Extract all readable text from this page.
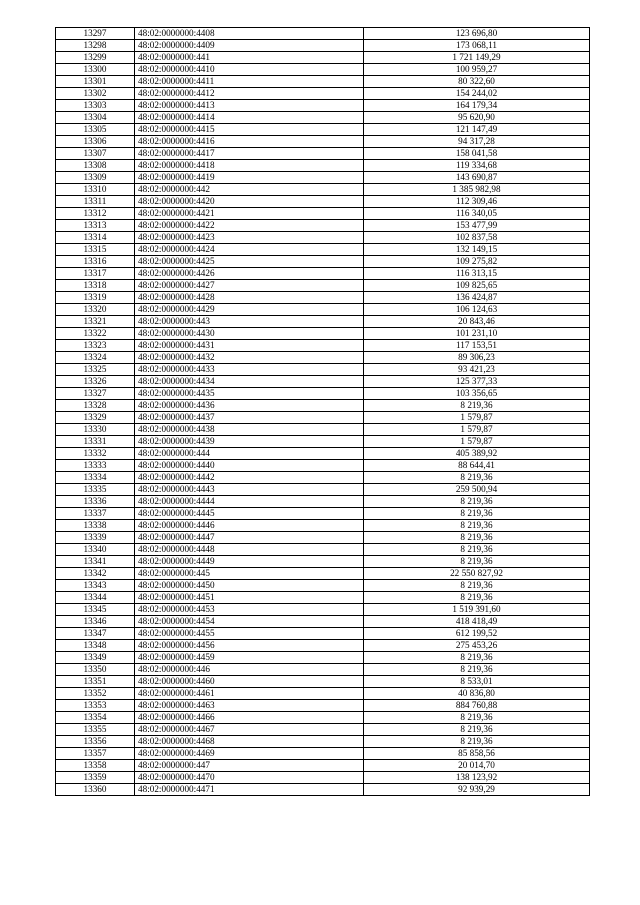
13297	48:02:0000000:4408	123 696,80
13298	48:02:0000000:4409	173 068,11
13299	48:02:0000000:441	1 721 149,29
13300	48:02:0000000:4410	100 959,27
13301	48:02:0000000:4411	80 322,60
13302	48:02:0000000:4412	154 244,02
13303	48:02:0000000:4413	164 179,34
13304	48:02:0000000:4414	95 620,90
13305	48:02:0000000:4415	121 147,49
13306	48:02:0000000:4416	94 317,28
13307	48:02:0000000:4417	158 041,58
13308	48:02:0000000:4418	119 334,68
13309	48:02:0000000:4419	143 690,87
13310	48:02:0000000:442	1 385 982,98
13311	48:02:0000000:4420	112 309,46
13312	48:02:0000000:4421	116 340,05
13313	48:02:0000000:4422	153 477,99
13314	48:02:0000000:4423	102 837,58
13315	48:02:0000000:4424	132 149,15
13316	48:02:0000000:4425	109 275,82
13317	48:02:0000000:4426	116 313,15
13318	48:02:0000000:4427	109 825,65
13319	48:02:0000000:4428	136 424,87
13320	48:02:0000000:4429	106 124,63
13321	48:02:0000000:443	20 843,46
13322	48:02:0000000:4430	101 231,10
13323	48:02:0000000:4431	117 153,51
13324	48:02:0000000:4432	89 306,23
13325	48:02:0000000:4433	93 421,23
13326	48:02:0000000:4434	125 377,33
13327	48:02:0000000:4435	103 356,65
13328	48:02:0000000:4436	8 219,36
13329	48:02:0000000:4437	1 579,87
13330	48:02:0000000:4438	1 579,87
13331	48:02:0000000:4439	1 579,87
13332	48:02:0000000:444	405 389,92
13333	48:02:0000000:4440	88 644,41
13334	48:02:0000000:4442	8 219,36
13335	48:02:0000000:4443	259 500,94
13336	48:02:0000000:4444	8 219,36
13337	48:02:0000000:4445	8 219,36
13338	48:02:0000000:4446	8 219,36
13339	48:02:0000000:4447	8 219,36
13340	48:02:0000000:4448	8 219,36
13341	48:02:0000000:4449	8 219,36
13342	48:02:0000000:445	22 550 827,92
13343	48:02:0000000:4450	8 219,36
13344	48:02:0000000:4451	8 219,36
13345	48:02:0000000:4453	1 519 391,60
13346	48:02:0000000:4454	418 418,49
13347	48:02:0000000:4455	612 199,52
13348	48:02:0000000:4456	275 453,26
13349	48:02:0000000:4459	8 219,36
13350	48:02:0000000:446	8 219,36
13351	48:02:0000000:4460	8 533,01
13352	48:02:0000000:4461	40 836,80
13353	48:02:0000000:4463	884 760,88
13354	48:02:0000000:4466	8 219,36
13355	48:02:0000000:4467	8 219,36
13356	48:02:0000000:4468	8 219,36
13357	48:02:0000000:4469	85 858,56
13358	48:02:0000000:447	20 014,70
13359	48:02:0000000:4470	138 123,92
13360	48:02:0000000:4471	92 939,29
